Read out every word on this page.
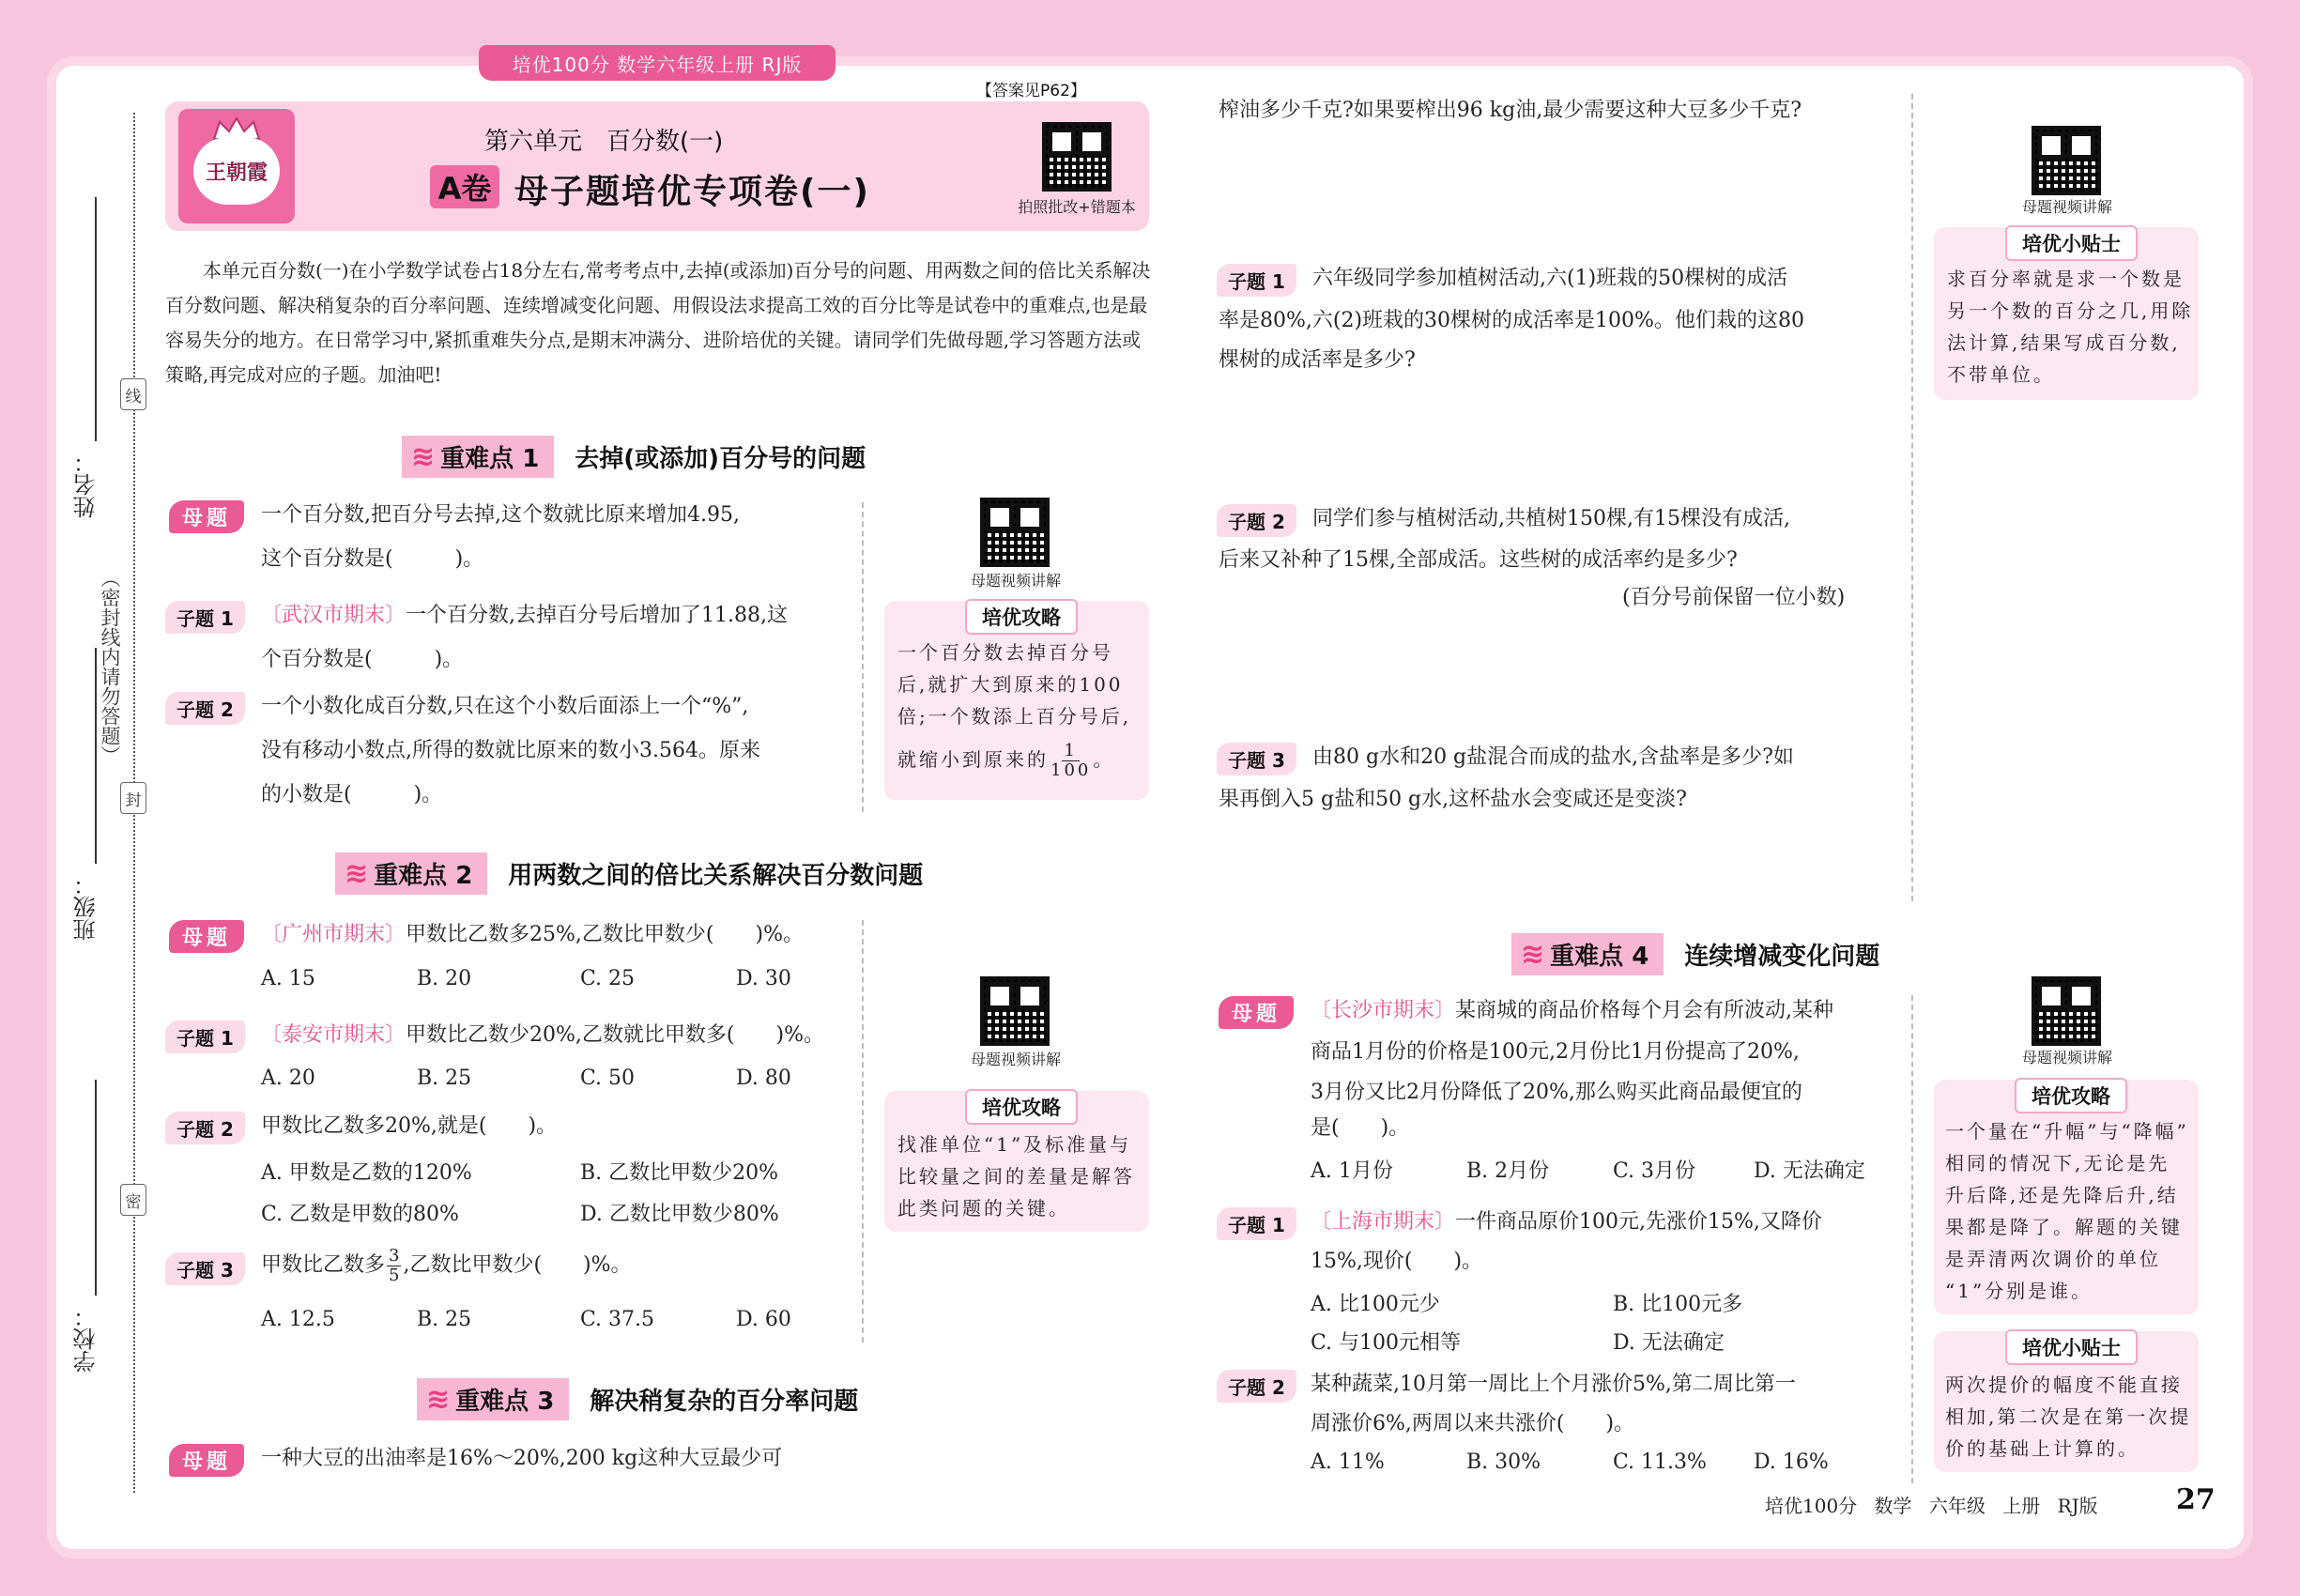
培优100分 数学六年级上册 RJ版
姓名：
班级：
学校：
线
封
密
（密封线内请勿答题）
王朝霞
第六单元　百分数(一)
A卷 母子题培优专项卷(一)	拍照批改+错题本
【答案见P62】
本单元百分数(一)在小学数学试卷占18分左右,常考考点中,去掉(或添加)百分号的问题、用两数之间的倍比关系解决百分数问题、解决稍复杂的百分率问题、连续增减变化问题、用假设法求提高工效的百分比等是试卷中的重难点,也是最容易失分的地方。在日常学习中,紧抓重难失分点,是期末冲满分、进阶培优的关键。请同学们先做母题,学习答题方法或策略,再完成对应的子题。加油吧!
≋ 重难点 1 去掉(或添加)百分号的问题
母题	一个百分数,把百分号去掉,这个数就比原来增加4.95,
这个百分数是(　　　)。
子题 1	〔武汉市期末〕一个百分数,去掉百分号后增加了11.88,这
个百分数是(　　　)。
子题 2	一个小数化成百分数,只在这个小数后面添上一个“%”,
没有移动小数点,所得的数就比原来的数小3.564。原来
的小数是(　　　)。
母题视频讲解
培优攻略
一个百分数去掉百分号
后,就扩大到原来的100
倍;一个数添上百分号后,
就缩小到原来的 $\frac{1}{100}$ 。
≋ 重难点 2 用两数之间的倍比关系解决百分数问题
母题	〔广州市期末〕甲数比乙数多25%,乙数比甲数少(　　)%。
A. 15	B. 20	C. 25	D. 30
子题 1	〔泰安市期末〕甲数比乙数少20%,乙数就比甲数多(　　)%。
A. 20	B. 25	C. 50	D. 80
子题 2	甲数比乙数多20%,就是(　　)。
A. 甲数是乙数的120%	B. 乙数比甲数少20%
C. 乙数是甲数的80%	D. 乙数比甲数少80%
子题 3	甲数比乙数多 $\frac{3}{5}$ ,乙数比甲数少(　　)%。
A. 12.5	B. 25	C. 37.5	D. 60
母题视频讲解
培优攻略
找准单位“1”及标准量与
比较量之间的差量是解答
此类问题的关键。
≋ 重难点 3 解决稍复杂的百分率问题
母题	一种大豆的出油率是16%～20%,200 kg这种大豆最少可
榨油多少千克?如果要榨出96 kg油,最少需要这种大豆多少千克?
子题 1	六年级同学参加植树活动,六(1)班栽的50棵树的成活
率是80%,六(2)班栽的30棵树的成活率是100%。他们栽的这80
棵树的成活率是多少?
子题 2	同学们参与植树活动,共植树150棵,有15棵没有成活,
后来又补种了15棵,全部成活。这些树的成活率约是多少?
(百分号前保留一位小数)
子题 3	由80 g水和20 g盐混合而成的盐水,含盐率是多少?如
果再倒入5 g盐和50 g水,这杯盐水会变咸还是变淡?
母题视频讲解
培优小贴士
求百分率就是求一个数是
另一个数的百分之几,用除
法计算,结果写成百分数,
不带单位。
≋ 重难点 4 连续增减变化问题
母题	〔长沙市期末〕某商城的商品价格每个月会有所波动,某种
商品1月份的价格是100元,2月份比1月份提高了20%,
3月份又比2月份降低了20%,那么购买此商品最便宜的
是(　　)。
A. 1月份	B. 2月份	C. 3月份	D. 无法确定
子题 1	〔上海市期末〕一件商品原价100元,先涨价15%,又降价
15%,现价(　　)。
A. 比100元少	B. 比100元多
C. 与100元相等	D. 无法确定
子题 2	某种蔬菜,10月第一周比上个月涨价5%,第二周比第一
周涨价6%,两周以来共涨价(　　)。
A. 11%	B. 30%	C. 11.3% D. 16%
母题视频讲解
培优攻略
一个量在“升幅”与“降幅”
相同的情况下,无论是先
升后降,还是先降后升,结
果都是降了。解题的关键
是弄清两次调价的单位
“1”分别是谁。
培优小贴士
两次提价的幅度不能直接
相加,第二次是在第一次提
价的基础上计算的。
培优100分 数学 六年级 上册 RJ版	27
